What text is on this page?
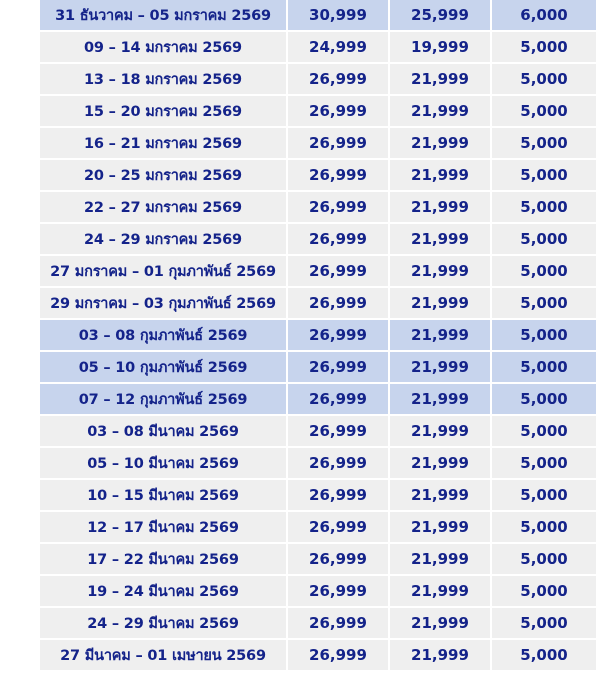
31 ธันวาคม – 05 มกราคม 2569	30,999	25,999	6,000
09 – 14 มกราคม 2569	24,999	19,999	5,000
13 – 18 มกราคม 2569	26,999	21,999	5,000
15 – 20 มกราคม 2569	26,999	21,999	5,000
16 – 21 มกราคม 2569	26,999	21,999	5,000
20 – 25 มกราคม 2569	26,999	21,999	5,000
22 – 27 มกราคม 2569	26,999	21,999	5,000
24 – 29 มกราคม 2569	26,999	21,999	5,000
27 มกราคม – 01 กุมภาพันธ์ 2569	26,999	21,999	5,000
29 มกราคม – 03 กุมภาพันธ์ 2569	26,999	21,999	5,000
03 – 08 กุมภาพันธ์ 2569	26,999	21,999	5,000
05 – 10 กุมภาพันธ์ 2569	26,999	21,999	5,000
07 – 12 กุมภาพันธ์ 2569	26,999	21,999	5,000
03 – 08 มีนาคม 2569	26,999	21,999	5,000
05 – 10 มีนาคม 2569	26,999	21,999	5,000
10 – 15 มีนาคม 2569	26,999	21,999	5,000
12 – 17 มีนาคม 2569	26,999	21,999	5,000
17 – 22 มีนาคม 2569	26,999	21,999	5,000
19 – 24 มีนาคม 2569	26,999	21,999	5,000
24 – 29 มีนาคม 2569	26,999	21,999	5,000
27 มีนาคม – 01 เมษายน 2569	26,999	21,999	5,000
